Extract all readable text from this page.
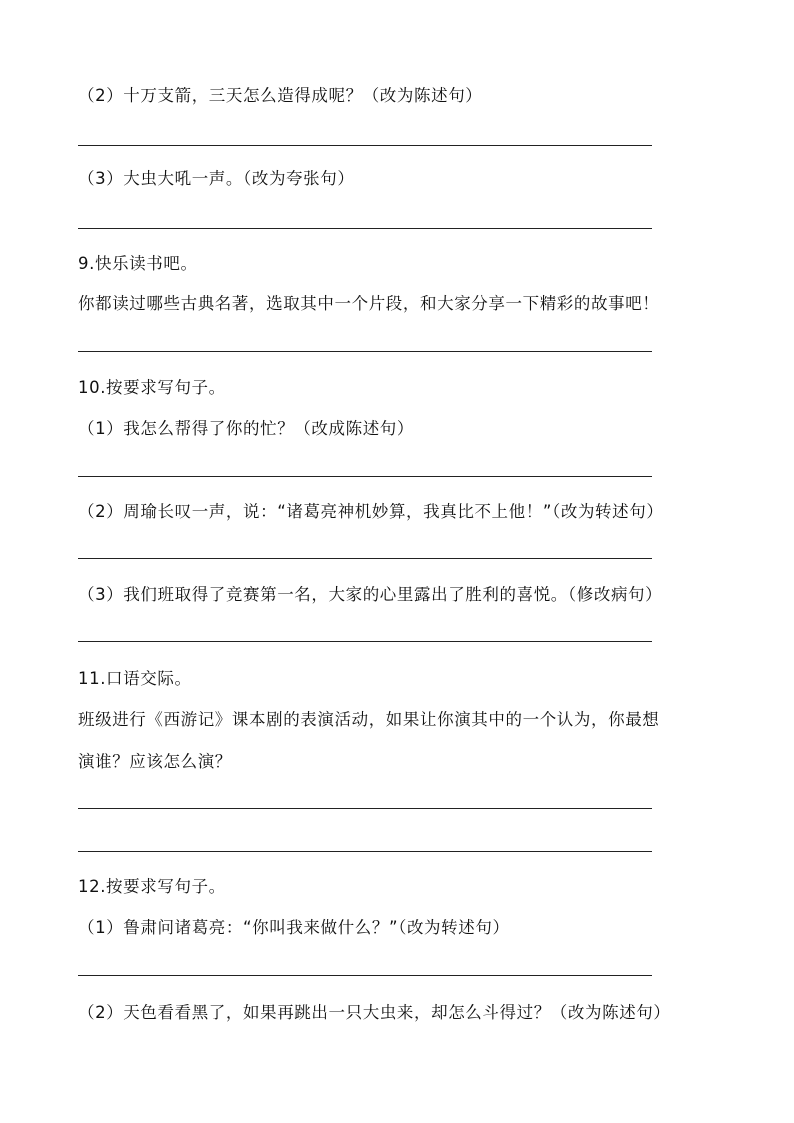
（2）十万支箭，三天怎么造得成呢？（改为陈述句）
（3）大虫大吼一声。（改为夸张句）
9.快乐读书吧。
你都读过哪些古典名著，选取其中一个片段，和大家分享一下精彩的故事吧！
10.按要求写句子。
（1）我怎么帮得了你的忙？（改成陈述句）
（2）周瑜长叹一声，说：“诸葛亮神机妙算，我真比不上他！”（改为转述句）
（3）我们班取得了竞赛第一名，大家的心里露出了胜利的喜悦。（修改病句）
11.口语交际。
班级进行《西游记》课本剧的表演活动，如果让你演其中的一个认为，你最想
演谁？应该怎么演？
12.按要求写句子。
（1）鲁肃问诸葛亮：“你叫我来做什么？”（改为转述句）
（2）天色看看黑了，如果再跳出一只大虫来，却怎么斗得过？（改为陈述句）
